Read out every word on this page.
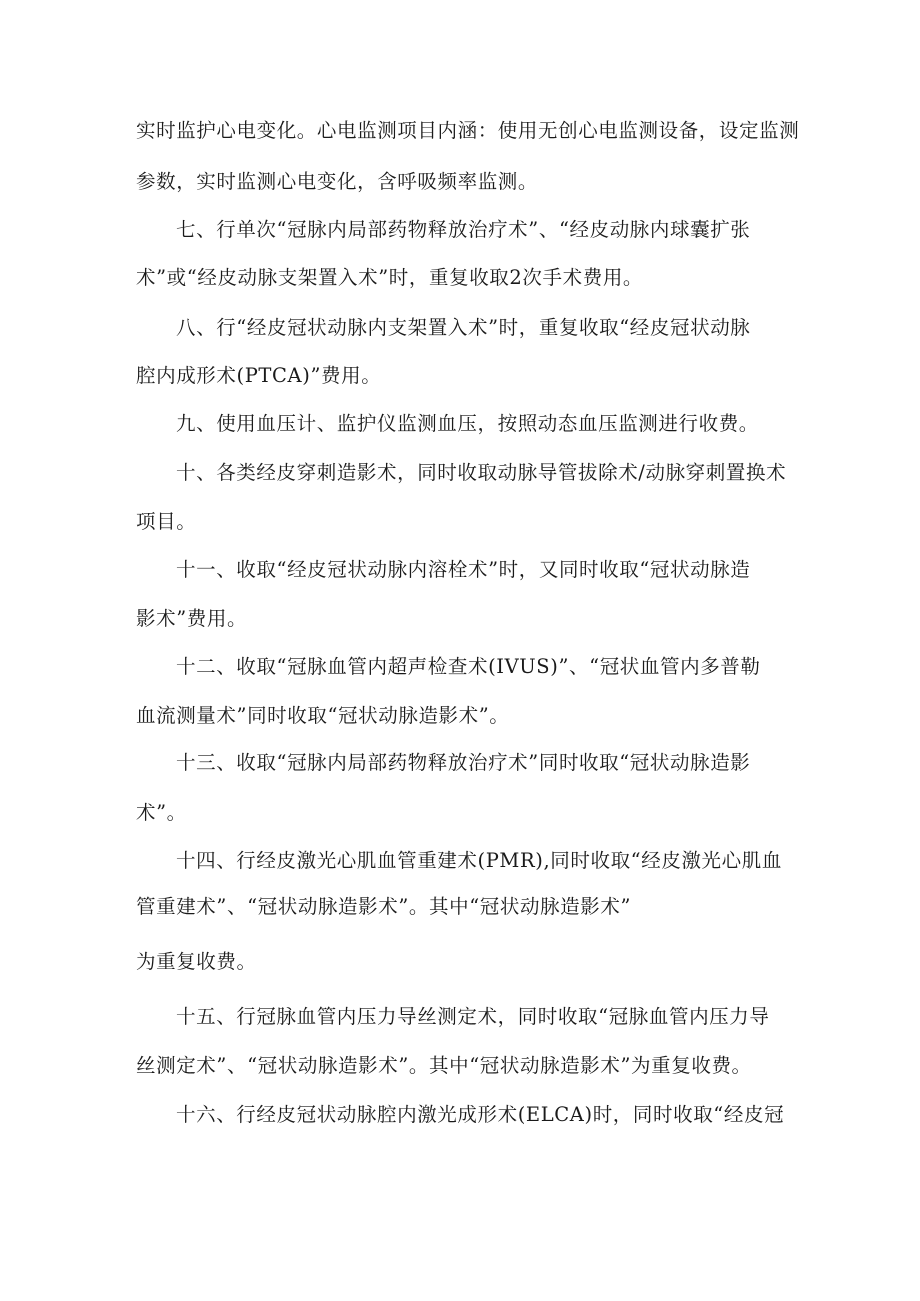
实时监护心电变化。心电监测项目内涵：使用无创心电监测设备，设定监测
参数，实时监测心电变化，含呼吸频率监测。
七、行单次“冠脉内局部药物释放治疗术”、“经皮动脉内球囊扩张
术”或“经皮动脉支架置入术”时，重复收取2次手术费用。
八、行“经皮冠状动脉内支架置入术”时，重复收取“经皮冠状动脉
腔内成形术(PTCA)”费用。
九、使用血压计、监护仪监测血压，按照动态血压监测进行收费。
十、各类经皮穿刺造影术，同时收取动脉导管拔除术/动脉穿刺置换术
项目。
十一、收取“经皮冠状动脉内溶栓术”时，又同时收取“冠状动脉造
影术”费用。
十二、收取“冠脉血管内超声检查术(IVUS)”、“冠状血管内多普勒
血流测量术”同时收取“冠状动脉造影术”。
十三、收取“冠脉内局部药物释放治疗术”同时收取“冠状动脉造影
术”。
十四、行经皮激光心肌血管重建术(PMR),同时收取“经皮激光心肌血
管重建术”、“冠状动脉造影术”。其中“冠状动脉造影术”
为重复收费。
十五、行冠脉血管内压力导丝测定术，同时收取“冠脉血管内压力导
丝测定术”、“冠状动脉造影术”。其中“冠状动脉造影术”为重复收费。
十六、行经皮冠状动脉腔内激光成形术(ELCA)时，同时收取“经皮冠
